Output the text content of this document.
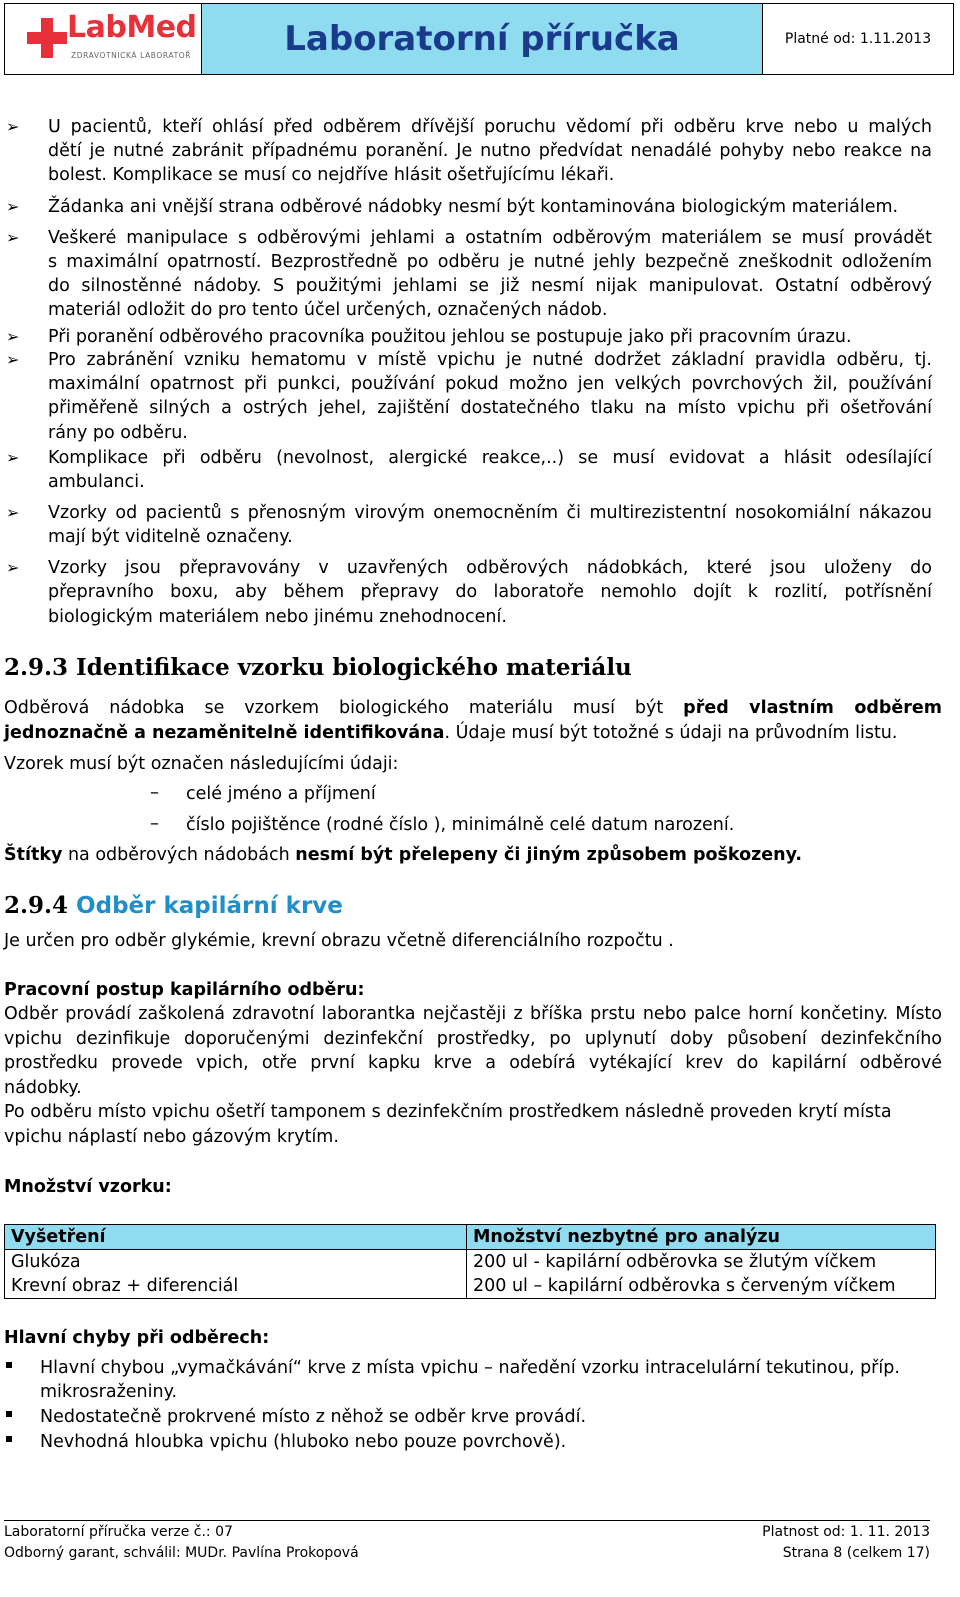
LabMed
ZDRAVOTNICKÁ LABORATOŘ	Laboratorní příručka	Platné od: 1.11.2013
➢ U pacientů, kteří ohlásí před odběrem dřívější poruchu vědomí při odběru krve nebo u malých
dětí je nutné zabránit případnému poranění. Je nutno předvídat nenadálé pohyby nebo reakce na
bolest. Komplikace se musí co nejdříve hlásit ošetřujícímu lékaři.
➢ Žádanka ani vnější strana odběrové nádobky nesmí být kontaminována biologickým materiálem.
➢ Veškeré manipulace s odběrovými jehlami a ostatním odběrovým materiálem se musí provádět
s maximální opatrností. Bezprostředně po odběru je nutné jehly bezpečně zneškodnit odložením
do silnostěnné nádoby. S použitými jehlami se již nesmí nijak manipulovat. Ostatní odběrový
materiál odložit do pro tento účel určených, označených nádob.
➢ Při poranění odběrového pracovníka použitou jehlou se postupuje jako při pracovním úrazu.
➢ Pro zabránění vzniku hematomu v místě vpichu je nutné dodržet základní pravidla odběru, tj.
maximální opatrnost při punkci, používání pokud možno jen velkých povrchových žil, používání
přiměřeně silných a ostrých jehel, zajištění dostatečného tlaku na místo vpichu při ošetřování
rány po odběru.
➢ Komplikace při odběru (nevolnost, alergické reakce,..) se musí evidovat a hlásit odesílající
ambulanci.
➢ Vzorky od pacientů s přenosným virovým onemocněním či multirezistentní nosokomiální nákazou
mají být viditelně označeny.
➢ Vzorky jsou přepravovány v uzavřených odběrových nádobkách, které jsou uloženy do
přepravního boxu, aby během přepravy do laboratoře nemohlo dojít k rozlití, potřísnění
biologickým materiálem nebo jinému znehodnocení.
2.9.3 Identifikace vzorku biologického materiálu
Odběrová nádobka se vzorkem biologického materiálu musí být před vlastním odběrem
jednoznačně a nezaměnitelně identifikována. Údaje musí být totožné s údaji na průvodním listu.
Vzorek musí být označen následujícími údaji:
– celé jméno a příjmení
– číslo pojištěnce (rodné číslo ), minimálně celé datum narození.
Štítky na odběrových nádobách nesmí být přelepeny či jiným způsobem poškozeny.
2.9.4 Odběr kapilární krve
Je určen pro odběr glykémie, krevní obrazu včetně diferenciálního rozpočtu .
Pracovní postup kapilárního odběru:
Odběr provádí zaškolená zdravotní laborantka nejčastěji z bříška prstu nebo palce horní končetiny. Místo
vpichu dezinfikuje doporučenými dezinfekční prostředky, po uplynutí doby působení dezinfekčního
prostředku provede vpich, otře první kapku krve a odebírá vytékající krev do kapilární odběrové
nádobky.
Po odběru místo vpichu ošetří tamponem s dezinfekčním prostředkem následně proveden krytí místa
vpichu náplastí nebo gázovým krytím.
Množství vzorku:
Vyšetření	Množství nezbytné pro analýzu
Glukóza	200 ul - kapilární odběrovka se žlutým víčkem
Krevní obraz + diferenciál	200 ul – kapilární odběrovka s červeným víčkem
Hlavní chyby při odběrech:
Hlavní chybou „vymačkávání“ krve z místa vpichu – naředění vzorku intracelulární tekutinou, příp.
mikrosraženiny.
Nedostatečně prokrvené místo z něhož se odběr krve provádí.
Nevhodná hloubka vpichu (hluboko nebo pouze povrchově).
Laboratorní příručka verze č.: 07	Platnost od: 1. 11. 2013
Odborný garant, schválil: MUDr. Pavlína Prokopová	Strana 8 (celkem 17)
